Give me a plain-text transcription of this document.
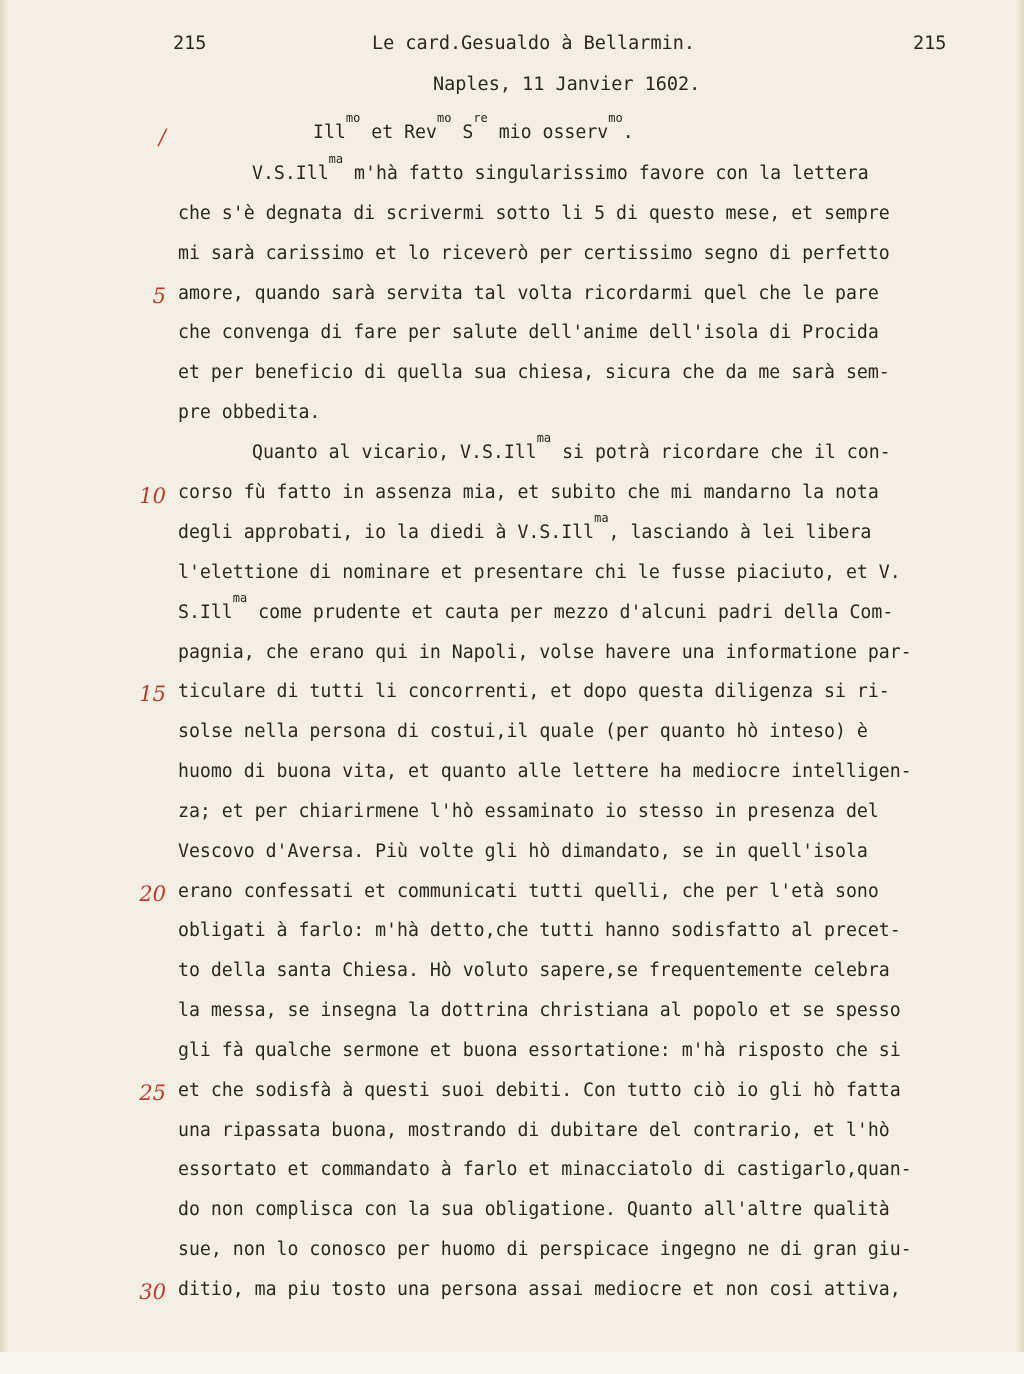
215	Le card.Gesualdo à Bellarmin.	215
Naples, 11 Janvier 1602.
Ill$^{mo}$ et Rev$^{mo}$ $S^{re}$ mio osserv$^{mo}$.
/
5
10
15
20
25
30
V.S.Ill$^{ma}$ m'hà fatto singularissimo favore con la lettera
che s'è degnata di scrivermi sotto li 5 di questo mese, et sempre
mi sarà carissimo et lo riceverò per certissimo segno di perfetto
amore, quando sarà servita tal volta ricordarmi quel che le pare
che convenga di fare per salute dell'anime dell'isola di Procida
et per beneficio di quella sua chiesa, sicura che da me sarà sem-
pre obbedita.
Quanto al vicario, V.S.Ill$^{ma}$ si potrà ricordare che il con-
corso fù fatto in assenza mia, et subito che mi mandarno la nota
degli approbati, io la diedi à V.S.Ill$^{ma}$, lasciando à lei libera
l'elettione di nominare et presentare chi le fusse piaciuto, et V.
S.Ill$^{ma}$ come prudente et cauta per mezzo d'alcuni padri della Com-
pagnia, che erano qui in Napoli, volse havere una informatione par-
ticulare di tutti li concorrenti, et dopo questa diligenza si ri-
solse nella persona di costui,il quale (per quanto hò inteso) è
huomo di buona vita, et quanto alle lettere ha mediocre intelligen-
za; et per chiarirmene l'hò essaminato io stesso in presenza del
Vescovo d'Aversa. Più volte gli hò dimandato, se in quell'isola
erano confessati et communicati tutti quelli, che per l'età sono
obligati à farlo: m'hà detto,che tutti hanno sodisfatto al precet-
to della santa Chiesa. Hò voluto sapere,se frequentemente celebra
la messa, se insegna la dottrina christiana al popolo et se spesso
gli fà qualche sermone et buona essortatione: m'hà risposto che si
et che sodisfà à questi suoi debiti. Con tutto ciò io gli hò fatta
una ripassata buona, mostrando di dubitare del contrario, et l'hò
essortato et commandato à farlo et minacciatolo di castigarlo,quan-
do non complisca con la sua obligatione. Quanto all'altre qualità
sue, non lo conosco per huomo di perspicace ingegno ne di gran giu-
ditio, ma piu tosto una persona assai mediocre et non cosi attiva,
